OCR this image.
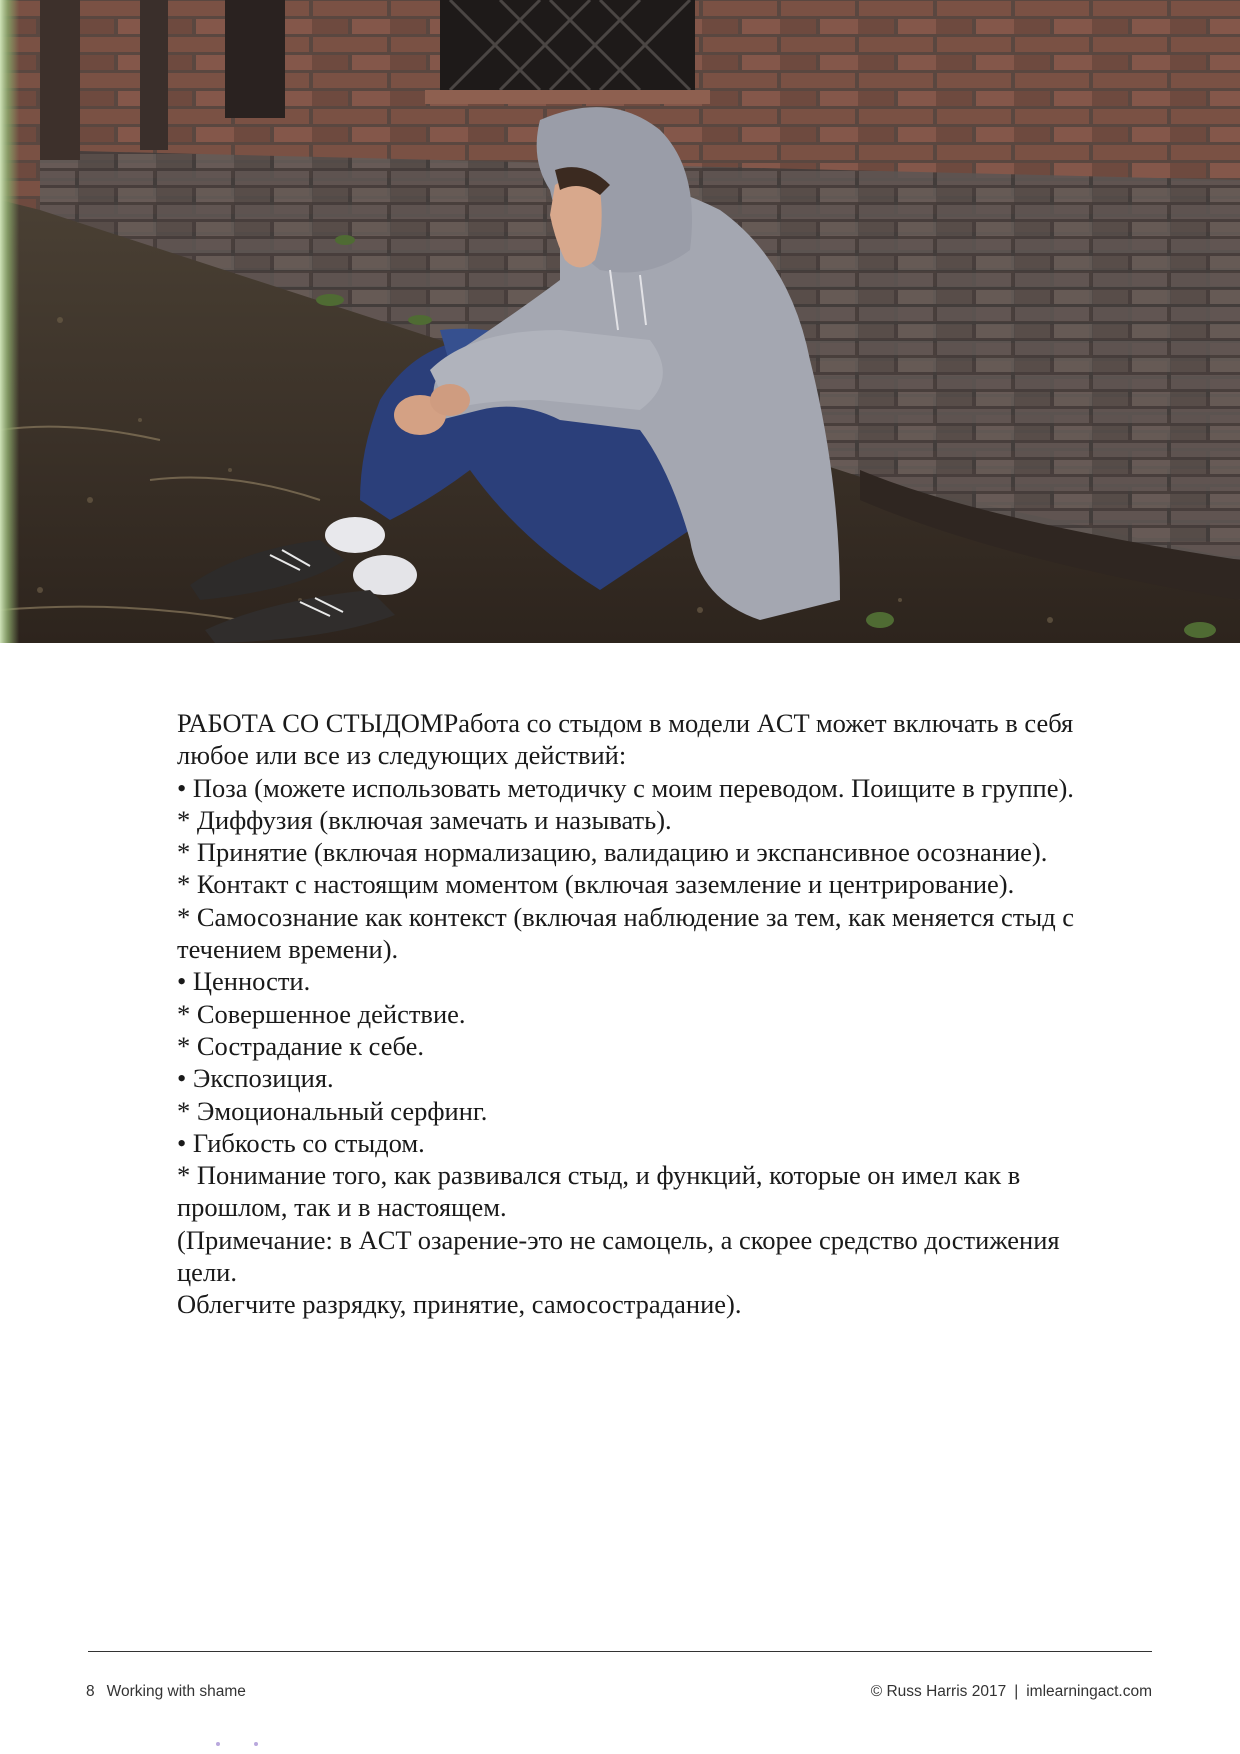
РАБОТА СО СТЫДОМРабота со стыдом в модели ACT может включать в себя

любое или все из следующих действий:

• Поза (можете использовать методичку с моим переводом. Поищите в группе).

* Диффузия (включая замечать и называть).

* Принятие (включая нормализацию, валидацию и экспансивное осознание).

* Контакт с настоящим моментом (включая заземление и центрирование).

* Самосознание как контекст (включая наблюдение за тем, как меняется стыд с

течением времени).

• Ценности.

* Совершенное действие.

* Сострадание к себе.

• Экспозиция.

* Эмоциональный серфинг.

• Гибкость со стыдом.

* Понимание того, как развивался стыд, и функций, которые он имел как в

прошлом, так и в настоящем.

(Примечание: в ACT озарение-это не самоцель, а скорее средство достижения

цели.

Облегчите разрядку, принятие, самосострадание).

8 Working with shame	© Russ Harris 2017 | imlearningact.com
